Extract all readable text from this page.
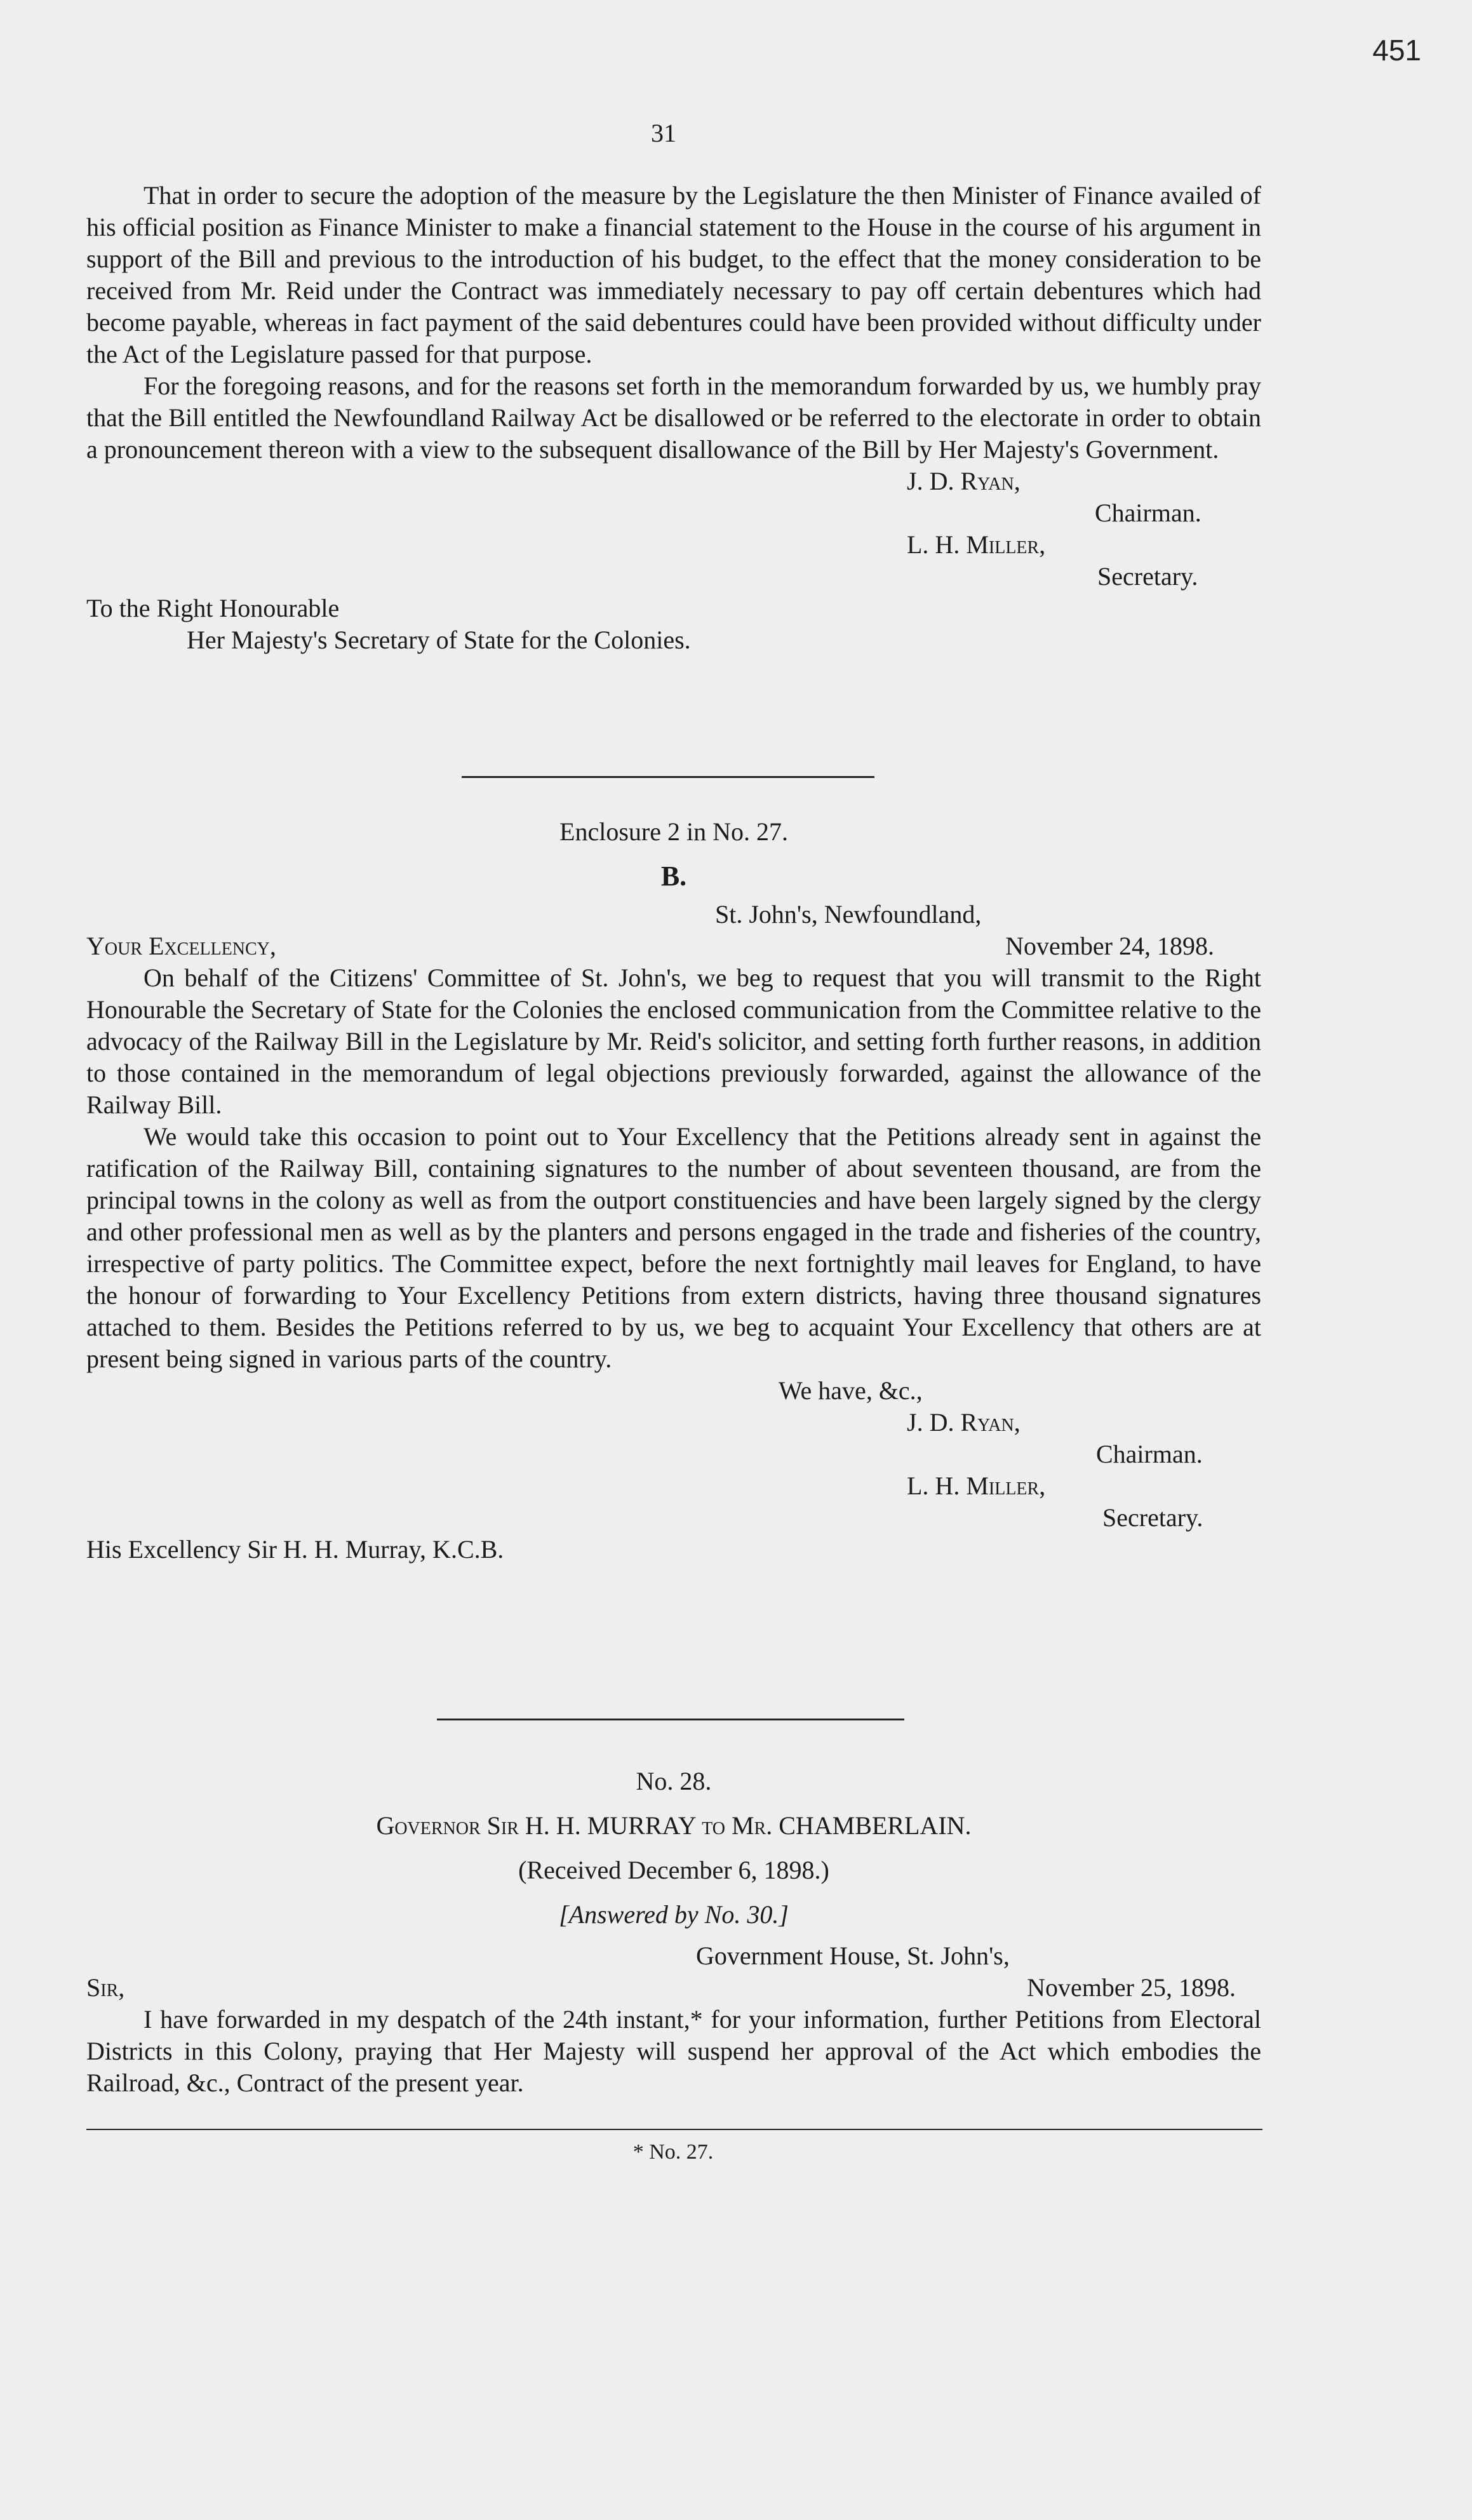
451
31

That in order to secure the adoption of the measure by the Legislature the then Minister of Finance availed of his official position as Finance Minister to make a financial statement to the House in the course of his argument in support of the Bill and previous to the introduction of his budget, to the effect that the money consideration to be received from Mr. Reid under the Contract was immediately necessary to pay off certain debentures which had become payable, whereas in fact payment of the said debentures could have been provided without difficulty under the Act of the Legislature passed for that purpose.

For the foregoing reasons, and for the reasons set forth in the memorandum forwarded by us, we humbly pray that the Bill entitled the Newfoundland Railway Act be disallowed or be referred to the electorate in order to obtain a pronouncement thereon with a view to the subsequent disallowance of the Bill by Her Majesty's Government.

J. D. Ryan,
Chairman.
L. H. Miller,
Secretary.
To the Right Honourable
Her Majesty's Secretary of State for the Colonies.
Enclosure 2 in No. 27.
B.
St. John's, Newfoundland,
Your Excellency,	November 24, 1898.

On behalf of the Citizens' Committee of St. John's, we beg to request that you will transmit to the Right Honourable the Secretary of State for the Colonies the enclosed communication from the Committee relative to the advocacy of the Railway Bill in the Legislature by Mr. Reid's solicitor, and setting forth further reasons, in addition to those contained in the memorandum of legal objections previously forwarded, against the allowance of the Railway Bill.

We would take this occasion to point out to Your Excellency that the Petitions already sent in against the ratification of the Railway Bill, containing signatures to the number of about seventeen thousand, are from the principal towns in the colony as well as from the outport constituencies and have been largely signed by the clergy and other professional men as well as by the planters and persons engaged in the trade and fisheries of the country, irrespective of party politics. The Committee expect, before the next fortnightly mail leaves for England, to have the honour of forwarding to Your Excellency Petitions from extern districts, having three thousand signatures attached to them. Besides the Petitions referred to by us, we beg to acquaint Your Excellency that others are at present being signed in various parts of the country.

We have, &c.,
J. D. Ryan,
Chairman.
L. H. Miller,
Secretary.
His Excellency Sir H. H. Murray, K.C.B.
No. 28.
Governor Sir H. H. MURRAY to Mr. CHAMBERLAIN.
(Received December 6, 1898.)
[Answered by No. 30.]
Government House, St. John's,
Sir,	November 25, 1898.

I have forwarded in my despatch of the 24th instant,* for your information, further Petitions from Electoral Districts in this Colony, praying that Her Majesty will suspend her approval of the Act which embodies the Railroad, &c., Contract of the present year.

* No. 27.
